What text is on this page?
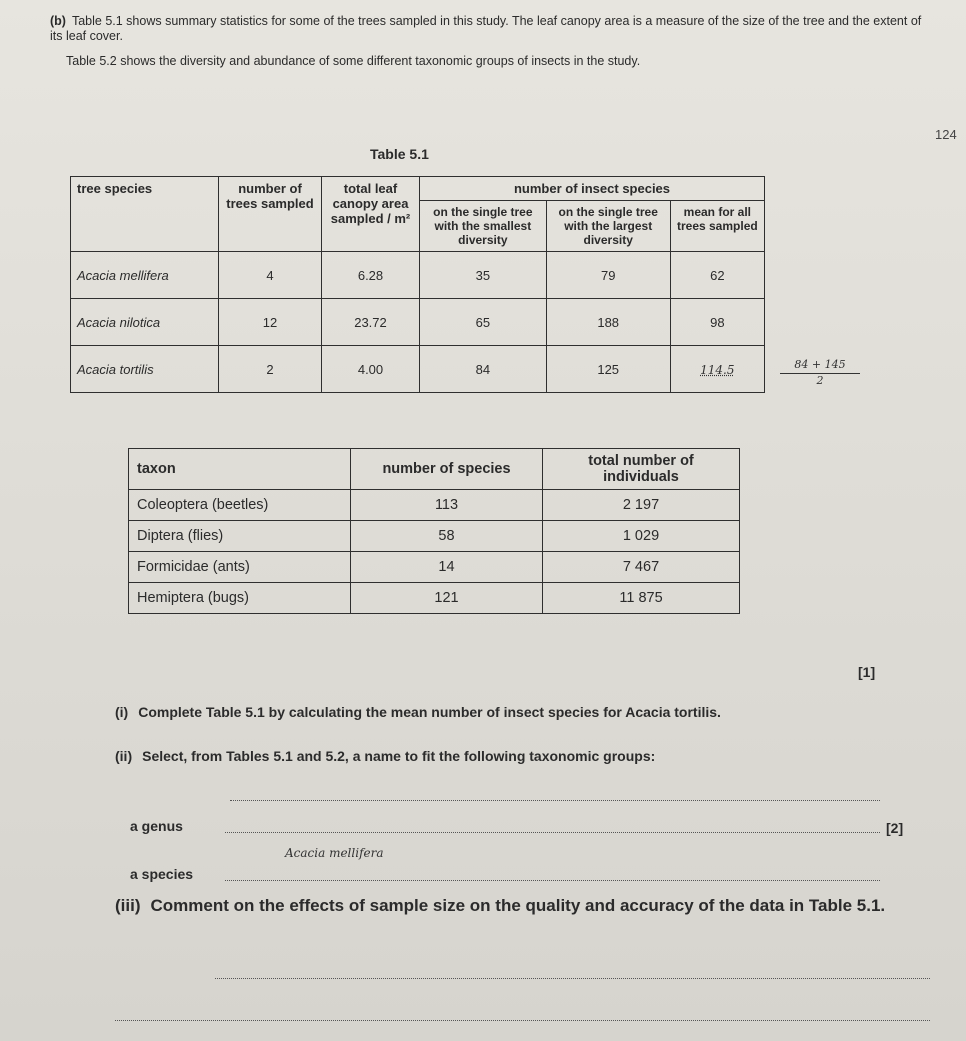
(b) Table 5.1 shows summary statistics for some of the trees sampled in this study. The leaf canopy area is a measure of the size of the tree and the extent of its leaf cover.

Table 5.2 shows the diversity and abundance of some different taxonomic groups of insects in the study.

124
Table 5.1
tree species	number of trees sampled	total leaf canopy area sampled / m²	number of insect species		
			on the single tree with the smallest diversity	on the single tree with the largest diversity	mean for all trees sampled
Acacia mellifera	4	6.28	35	79	62
Acacia nilotica	12	23.72	65	188	98
Acacia tortilis	2	4.00	84	125	114.5	$\frac{84 + 145}{2}$
taxon	number of species	total number of individuals
Coleoptera (beetles)	113	2 197
Diptera (flies)	58	1 029
Formicidae (ants)	14	7 467
Hemiptera (bugs)	121	11 875
(i) Complete Table 5.1 by calculating the mean number of insect species for Acacia tortilis.
[1]
(ii) Select, from Tables 5.1 and 5.2, a name to fit the following taxonomic groups:
a genus	[2]
a species
Acacia mellifera
(iii) Comment on the effects of sample size on the quality and accuracy of the data in Table 5.1.
